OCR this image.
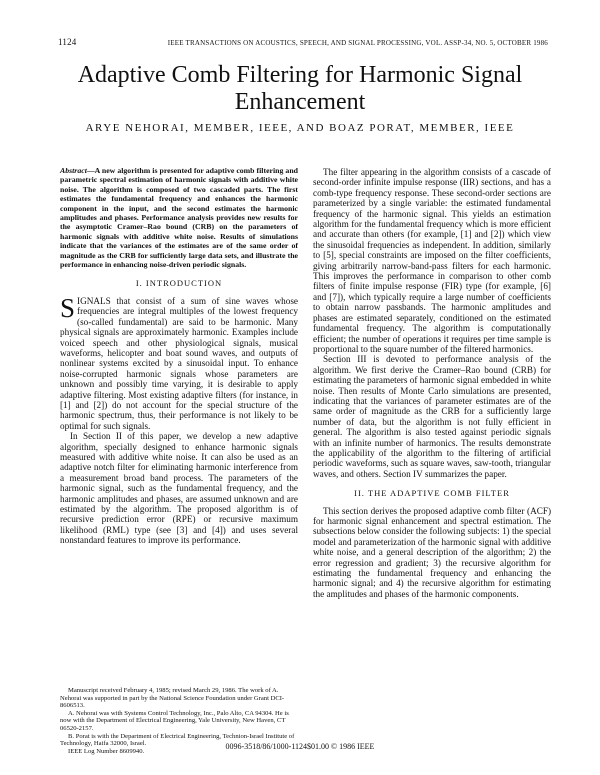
1124	IEEE TRANSACTIONS ON ACOUSTICS, SPEECH, AND SIGNAL PROCESSING, VOL. ASSP-34, NO. 5, OCTOBER 1986
Adaptive Comb Filtering for Harmonic Signal Enhancement
ARYE NEHORAI, MEMBER, IEEE, AND BOAZ PORAT, MEMBER, IEEE

Abstract—A new algorithm is presented for adaptive comb filtering and parametric spectral estimation of harmonic signals with additive white noise. The algorithm is composed of two cascaded parts. The first estimates the fundamental frequency and enhances the harmonic component in the input, and the second estimates the harmonic amplitudes and phases. Performance analysis provides new results for the asymptotic Cramer–Rao bound (CRB) on the parameters of harmonic signals with additive white noise. Results of simulations indicate that the variances of the estimates are of the same order of magnitude as the CRB for sufficiently large data sets, and illustrate the performance in enhancing noise-driven periodic signals.

I. INTRODUCTION

SIGNALS that consist of a sum of sine waves whose frequencies are integral multiples of the lowest frequency (so-called fundamental) are said to be harmonic. Many physical signals are approximately harmonic. Examples include voiced speech and other physiological signals, musical waveforms, helicopter and boat sound waves, and outputs of nonlinear systems excited by a sinusoidal input. To enhance noise-corrupted harmonic signals whose parameters are unknown and possibly time varying, it is desirable to apply adaptive filtering. Most existing adaptive filters (for instance, in [1] and [2]) do not account for the special structure of the harmonic spectrum, thus, their performance is not likely to be optimal for such signals.

In Section II of this paper, we develop a new adaptive algorithm, specially designed to enhance harmonic signals measured with additive white noise. It can also be used as an adaptive notch filter for eliminating harmonic interference from a measurement broad band process. The parameters of the harmonic signal, such as the fundamental frequency, and the harmonic amplitudes and phases, are assumed unknown and are estimated by the algorithm. The proposed algorithm is of recursive prediction error (RPE) or recursive maximum likelihood (RML) type (see [3] and [4]) and uses several nonstandard features to improve its performance.

Manuscript received February 4, 1985; revised March 29, 1986. The work of A. Nehorai was supported in part by the National Science Foundation under Grant DCI-8606513.

A. Nehorai was with Systems Control Technology, Inc., Palo Alto, CA 94304. He is now with the Department of Electrical Engineering, Yale University, New Haven, CT 06520-2157.

B. Porat is with the Department of Electrical Engineering, Technion-Israel Institute of Technology, Haifa 32000, Israel.

IEEE Log Number 8609940.

The filter appearing in the algorithm consists of a cascade of second-order infinite impulse response (IIR) sections, and has a comb-type frequency response. These second-order sections are parameterized by a single variable: the estimated fundamental frequency of the harmonic signal. This yields an estimation algorithm for the fundamental frequency which is more efficient and accurate than others (for example, [1] and [2]) which view the sinusoidal frequencies as independent. In addition, similarly to [5], special constraints are imposed on the filter coefficients, giving arbitrarily narrow-band-pass filters for each harmonic. This improves the performance in comparison to other comb filters of finite impulse response (FIR) type (for example, [6] and [7]), which typically require a large number of coefficients to obtain narrow passbands. The harmonic amplitudes and phases are estimated separately, conditioned on the estimated fundamental frequency. The algorithm is computationally efficient; the number of operations it requires per time sample is proportional to the square number of the filtered harmonics.

Section III is devoted to performance analysis of the algorithm. We first derive the Cramer–Rao bound (CRB) for estimating the parameters of harmonic signal embedded in white noise. Then results of Monte Carlo simulations are presented, indicating that the variances of parameter estimates are of the same order of magnitude as the CRB for a sufficiently large number of data, but the algorithm is not fully efficient in general. The algorithm is also tested against periodic signals with an infinite number of harmonics. The results demonstrate the applicability of the algorithm to the filtering of artificial periodic waveforms, such as square waves, saw-tooth, triangular waves, and others. Section IV summarizes the paper.

II. THE ADAPTIVE COMB FILTER

This section derives the proposed adaptive comb filter (ACF) for harmonic signal enhancement and spectral estimation. The subsections below consider the following subjects: 1) the special model and parameterization of the harmonic signal with additive white noise, and a general description of the algorithm; 2) the error regression and gradient; 3) the recursive algorithm for estimating the fundamental frequency and enhancing the harmonic signal; and 4) the recursive algorithm for estimating the amplitudes and phases of the harmonic components.

0096-3518/86/1000-1124$01.00 © 1986 IEEE
